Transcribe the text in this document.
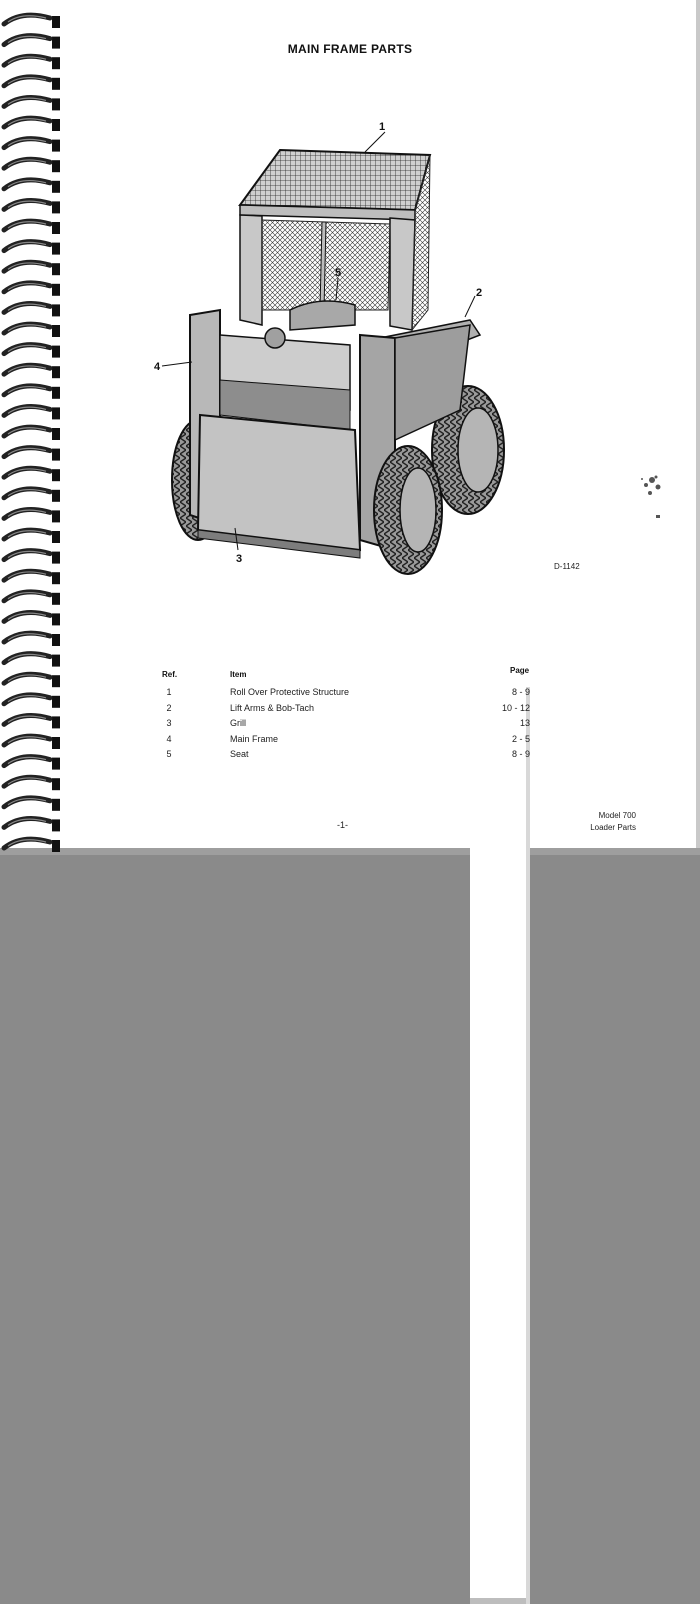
MAIN FRAME PARTS
1
2
3
4
5
D-1142
Ref.	Item	Page
1	Roll Over Protective Structure	8 - 9
2	Lift Arms & Bob-Tach	10 - 12
3	Grill	13
4	Main Frame	2 - 5
5	Seat	8 - 9
-1-
Model 700
Loader Parts
